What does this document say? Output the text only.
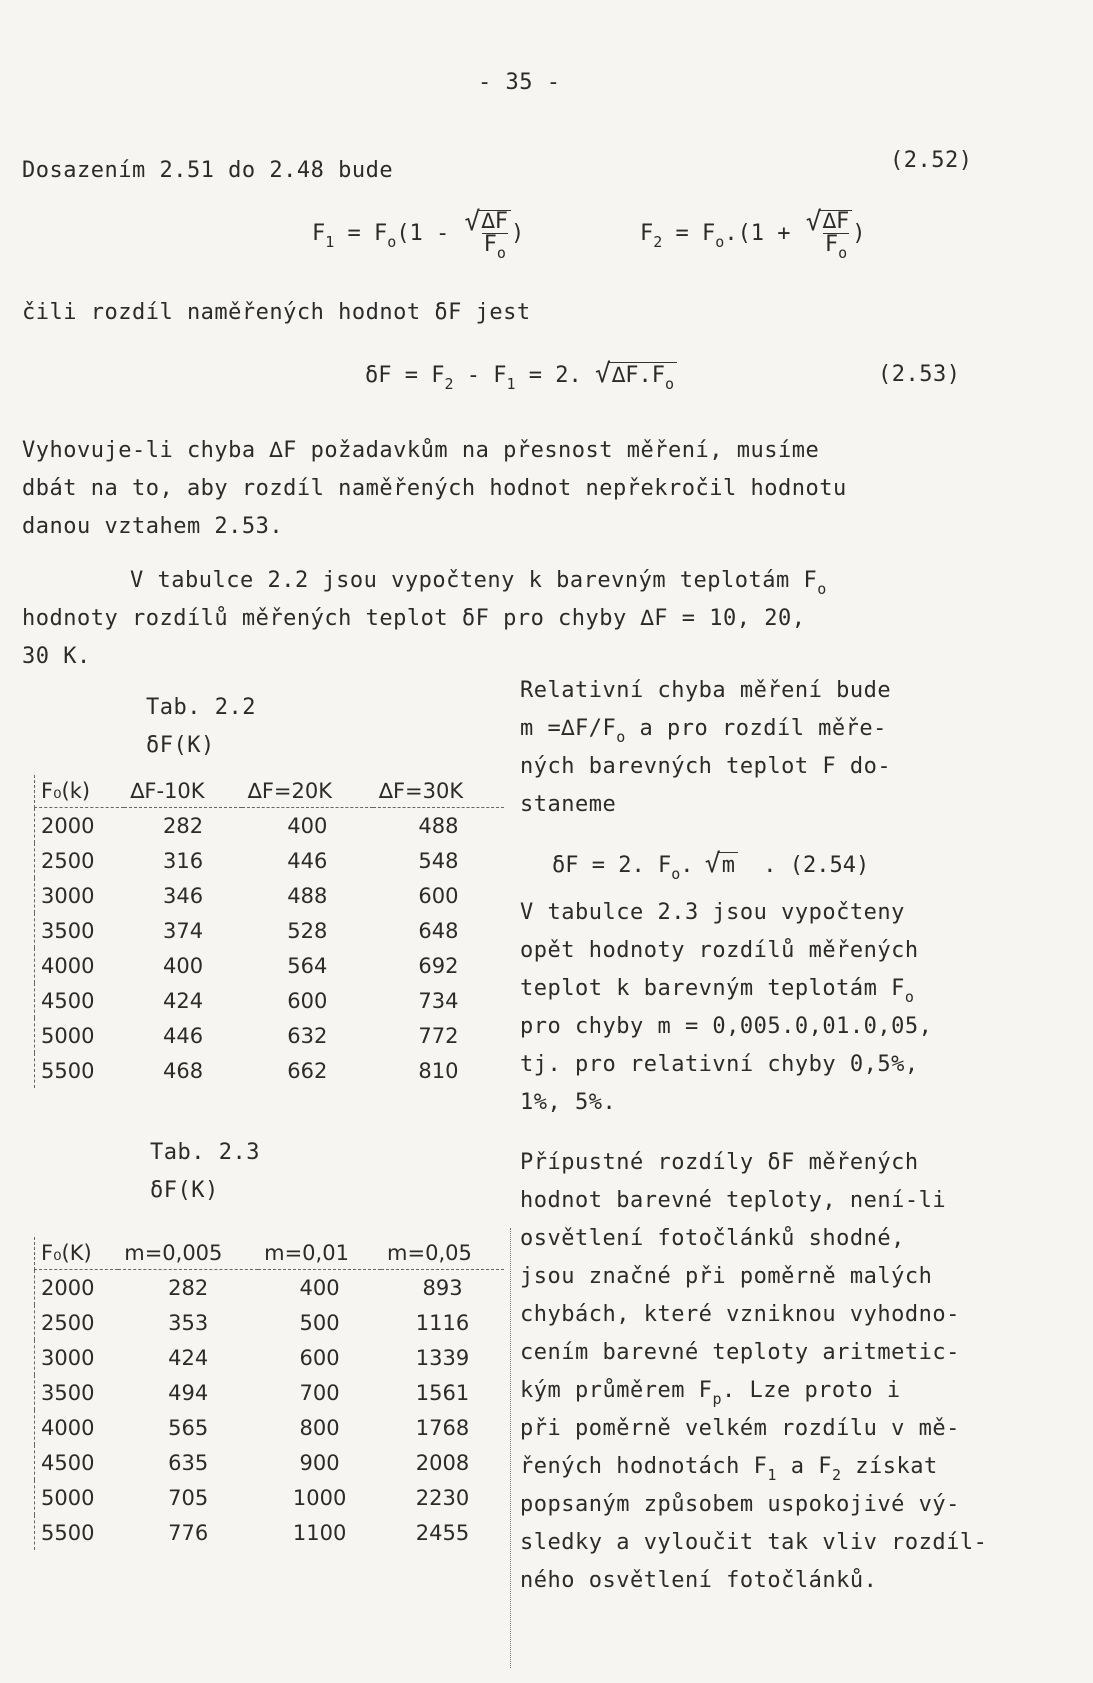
- 35 -
Dosazením 2.51 do 2.48 bude	(2.52)
$F_1 = F_o(1$ - √ $\frac{\Delta F}{F_o}$ )	$F_2 = F_o.(1$ + √ $\frac{\Delta F}{F_o}$ )
čili rozdíl naměřených hodnot δF jest
$\delta F = F_2 - F_1 = 2$. √ $\Delta F.F_o$	(2.53)
Vyhovuje-li chyba ∆F požadavkům na přesnost měření, musíme
dbát na to, aby rozdíl naměřených hodnot nepřekročil hodnotu
danou vztahem 2.53.
V tabulce 2.2 jsou vypočteny k barevným teplotám $F_o$
hodnoty rozdílů měřených teplot δF pro chyby ∆F = 10, 20,
30 K.
Tab. 2.2
δF(K)
F₀(k)	∆F-10K	∆F=20K	∆F=30K
2000	282	400	488
2500	316	446	548
3000	346	488	600
3500	374	528	648
4000	400	564	692
4500	424	600	734
5000	446	632	772
5500	468	662	810
Relativní chyba měření bude
$m =\Delta F/F_o$ a pro rozdíl měře-
ných barevných teplot F do-
staneme
δF = 2. $F_o$. √ m . (2.54)
V tabulce 2.3 jsou vypočteny
opět hodnoty rozdílů měřených
teplot k barevným teplotám $F_o$
pro chyby m = 0,005.0,01.0,05,
tj. pro relativní chyby 0,5%,
1%, 5%.
Tab. 2.3
δF(K)
F₀(K)	m=0,005	m=0,01	m=0,05
2000	282	400	893
2500	353	500	1116
3000	424	600	1339
3500	494	700	1561
4000	565	800	1768
4500	635	900	2008
5000	705	1000	2230
5500	776	1100	2455
Přípustné rozdíly δF měřených
hodnot barevné teploty, není-li
osvětlení fotočlánků shodné,
jsou značné při poměrně malých
chybách, které vzniknou vyhodno-
cením barevné teploty aritmetic-
kým průměrem $F_p$. Lze proto i
při poměrně velkém rozdílu v mě-
řených hodnotách $F_1$ a $F_2$ získat
popsaným způsobem uspokojivé vý-
sledky a vyloučit tak vliv rozdíl-
ného osvětlení fotočlánků.
